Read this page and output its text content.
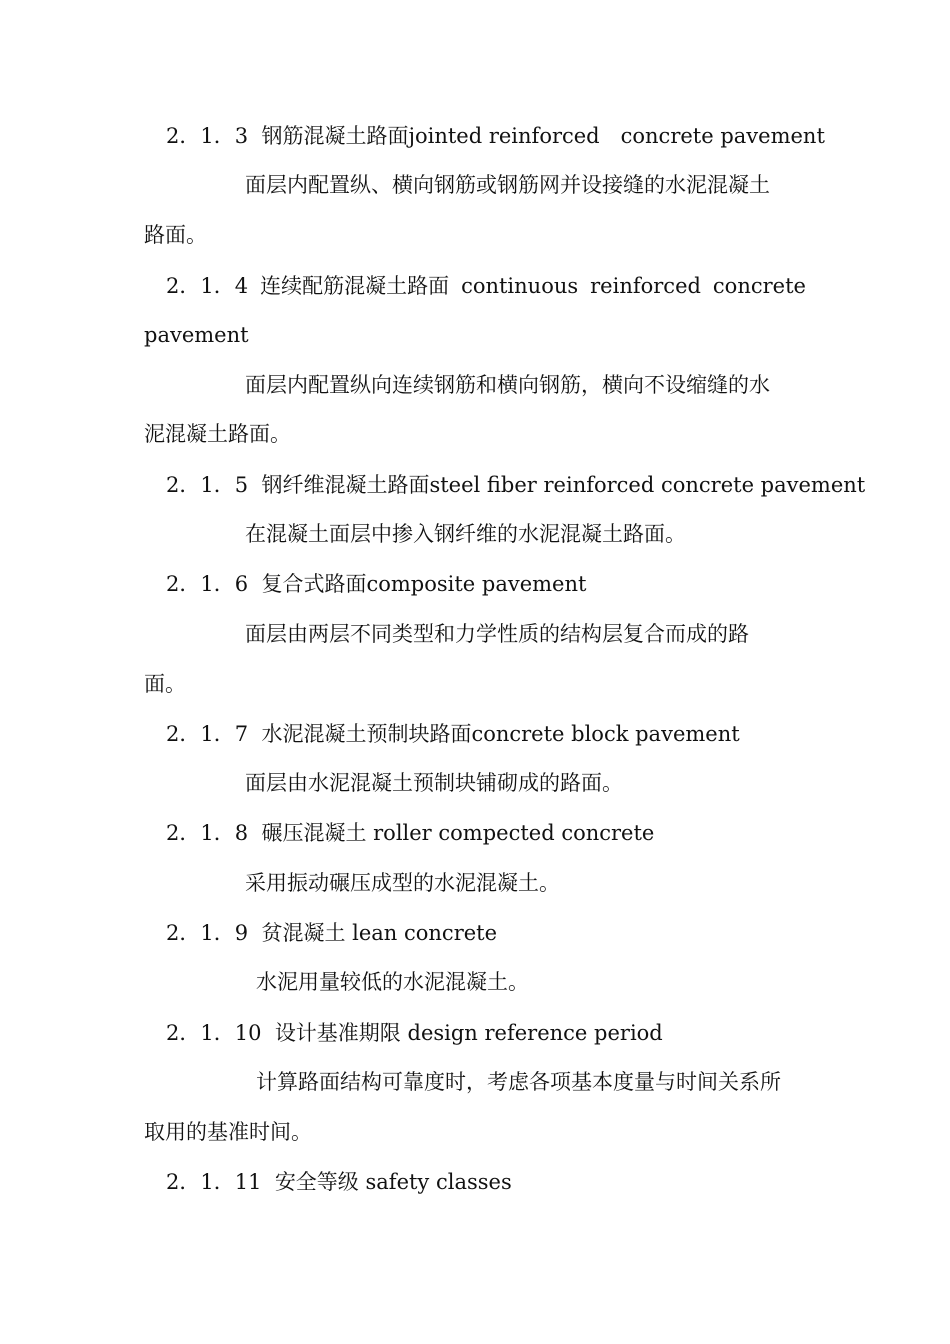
2．1．3 钢筋混凝土路面jointed reinforced　concrete pavement
面层内配置纵、横向钢筋或钢筋网并设接缝的水泥混凝土
路面。
2．1．4 连续配筋混凝土路面 continuous reinforced concrete
pavement
面层内配置纵向连续钢筋和横向钢筋，横向不设缩缝的水
泥混凝土路面。
2．1．5 钢纤维混凝土路面steel fiber reinforced concrete pavement
在混凝土面层中掺入钢纤维的水泥混凝土路面。
2．1．6 复合式路面composite pavement
面层由两层不同类型和力学性质的结构层复合而成的路
面。
2．1．7 水泥混凝土预制块路面concrete block pavement
面层由水泥混凝土预制块铺砌成的路面。
2．1．8 碾压混凝土 roller compected concrete
采用振动碾压成型的水泥混凝土。
2．1．9 贫混凝土 lean concrete
水泥用量较低的水泥混凝土。
2．1．10 设计基准期限 design reference period
计算路面结构可靠度时，考虑各项基本度量与时间关系所
取用的基准时间。
2．1．11 安全等级 safety classes
